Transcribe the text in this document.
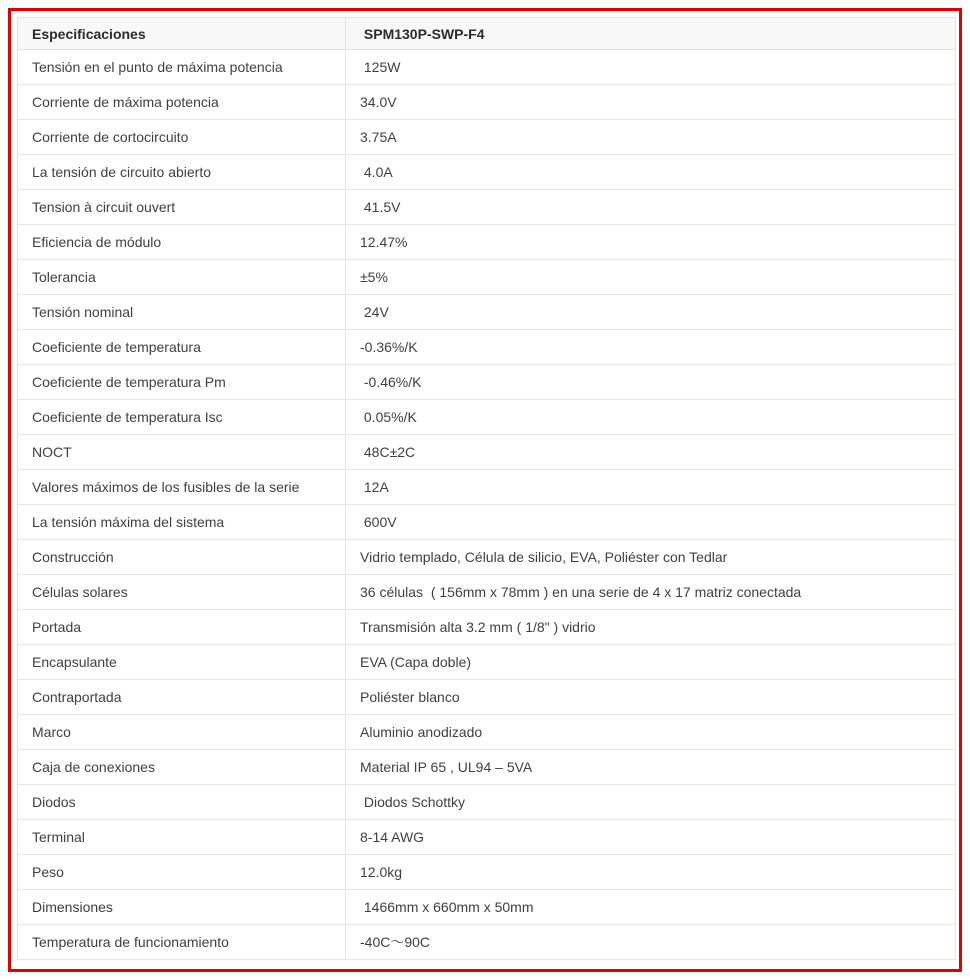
Especificaciones	SPM130P-SWP-F4
Tensión en el punto de máxima potencia	125W
Corriente de máxima potencia	34.0V
Corriente de cortocircuito	3.75A
La tensión de circuito abierto	4.0A
Tension à circuit ouvert	41.5V
Eficiencia de módulo	12.47%
Tolerancia	±5%
Tensión nominal	24V
Coeficiente de temperatura	-0.36%/K
Coeficiente de temperatura Pm	-0.46%/K
Coeficiente de temperatura Isc	0.05%/K
NOCT	48C±2C
Valores máximos de los fusibles de la serie	12A
La tensión máxima del sistema	600V
Construcción	Vidrio templado, Célula de silicio, EVA, Poliéster con Tedlar
Células solares	36 células  ( 156mm x 78mm ) en una serie de 4 x 17 matriz conectada
Portada	Transmisión alta 3.2 mm ( 1/8" ) vidrio
Encapsulante	EVA (Capa doble)
Contraportada	Poliéster blanco
Marco	Aluminio anodizado
Caja de conexiones	Material IP 65 , UL94 – 5VA
Diodos	Diodos Schottky
Terminal	8-14 AWG
Peso	12.0kg
Dimensiones	1466mm x 660mm x 50mm
Temperatura de funcionamiento	-40C～90C
